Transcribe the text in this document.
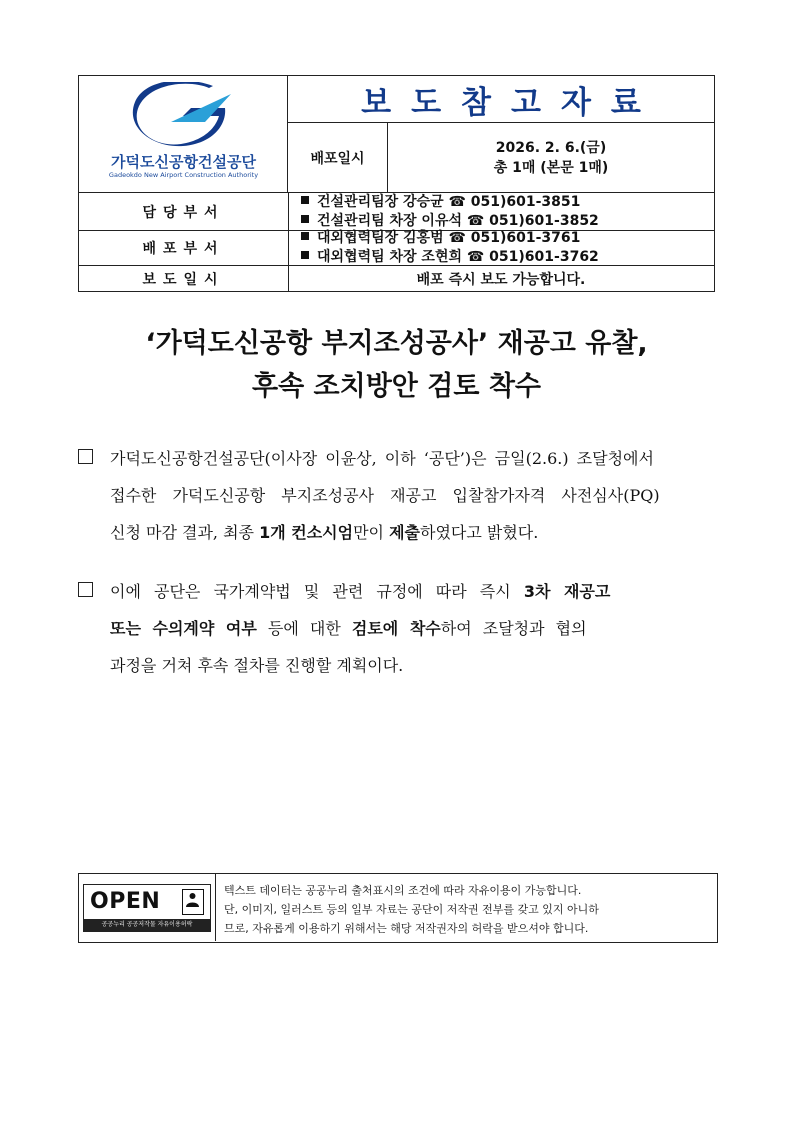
가덕도신공항건설공단
Gadeokdo New Airport Construction Authority
보도참고자료
배포일시
2026. 2. 6.(금)
총 1매 (본문 1매)
담당부서
건설관리팀장 강승균 ☎ 051)601-3851
건설관리팀 차장 이유석 ☎ 051)601-3852
배포부서
대외협력팀장 김홍범 ☎ 051)601-3761
대외협력팀 차장 조현희 ☎ 051)601-3762
보도일시	배포 즉시 보도 가능합니다.
‘가덕도신공항 부지조성공사’ 재공고 유찰,
후속 조치방안 검토 착수
가덕도신공항건설공단(이사장 이윤상, 이하 ‘공단’)은 금일(2.6.) 조달청에서
접수한 가덕도신공항 부지조성공사 재공고 입찰참가자격 사전심사(PQ)
신청 마감 결과, 최종 1개 컨소시엄만이 제출하였다고 밝혔다.
이에 공단은 국가계약법 및 관련 규정에 따라 즉시 3차 재공고
또는 수의계약 여부 등에 대한 검토에 착수하여 조달청과 협의
과정을 거쳐 후속 절차를 진행할 계획이다.
OPEN
공공누리 공공저작물 자유이용허락
텍스트 데이터는 공공누리 출처표시의 조건에 따라 자유이용이 가능합니다.
단, 이미지, 일러스트 등의 일부 자료는 공단이 저작권 전부를 갖고 있지 아니하
므로, 자유롭게 이용하기 위해서는 해당 저작권자의 허락을 받으셔야 합니다.
